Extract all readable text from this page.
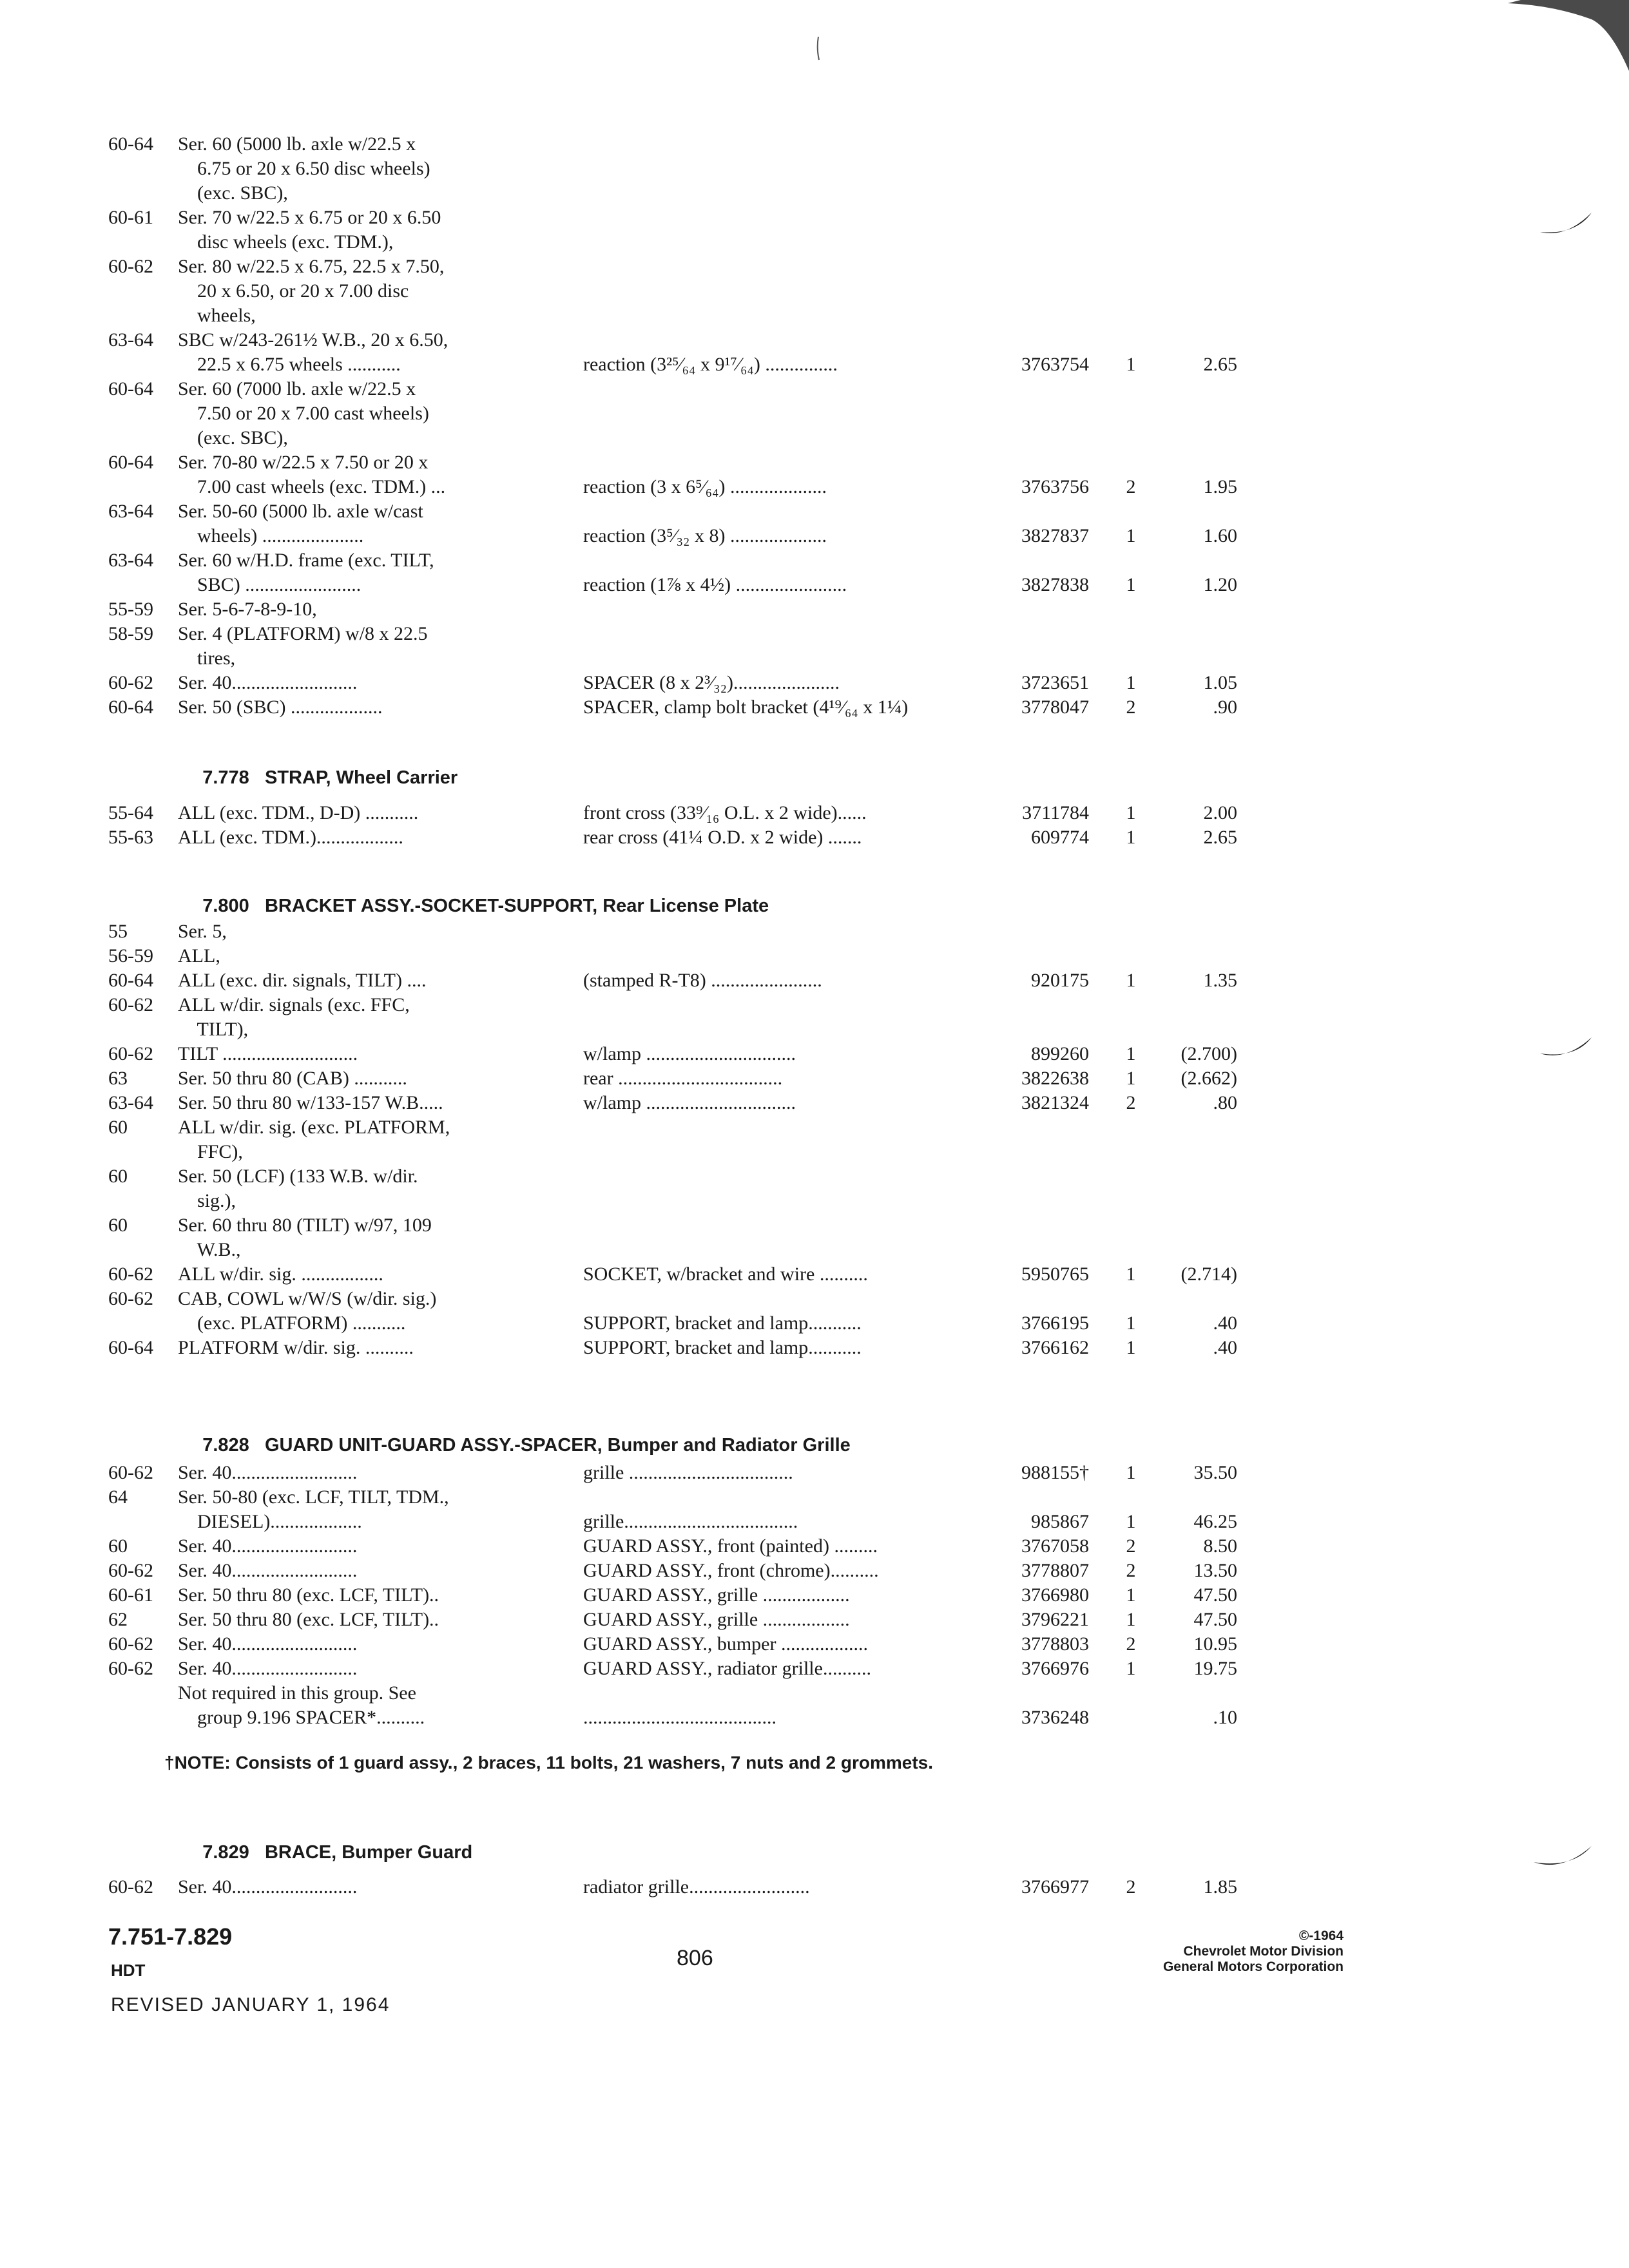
60-64 Ser. 60 (5000 lb. axle w/22.5 x
6.75 or 20 x 6.50 disc wheels)
(exc. SBC),
60-61 Ser. 70 w/22.5 x 6.75 or 20 x 6.50
disc wheels (exc. TDM.),
60-62 Ser. 80 w/22.5 x 6.75, 22.5 x 7.50,
20 x 6.50, or 20 x 7.00 disc
wheels,
63-64 SBC w/243-261½ W.B., 20 x 6.50,
22.5 x 6.75 wheels ...........	reaction (3²⁵⁄₆₄ x 9¹⁷⁄₆₄) ...............	3763754	1	2.65
60-64 Ser. 60 (7000 lb. axle w/22.5 x
7.50 or 20 x 7.00 cast wheels)
(exc. SBC),
60-64 Ser. 70-80 w/22.5 x 7.50 or 20 x
7.00 cast wheels (exc. TDM.) ...	reaction (3 x 6⁵⁄₆₄) ....................	3763756	2	1.95
63-64 Ser. 50-60 (5000 lb. axle w/cast
wheels) .....................	reaction (3⁵⁄₃₂ x 8) ....................	3827837	1	1.60
63-64 Ser. 60 w/H.D. frame (exc. TILT,
SBC) ........................	reaction (1⅞ x 4½) .......................	3827838	1	1.20
55-59 Ser. 5-6-7-8-9-10,
58-59 Ser. 4 (PLATFORM) w/8 x 22.5
tires,
60-62 Ser. 40..........................	SPACER (8 x 2³⁄₃₂)......................	3723651	1	1.05
60-64 Ser. 50 (SBC) ...................	SPACER, clamp bolt bracket (4¹⁹⁄₆₄ x 1¼)	3778047	2	.90

7.778 STRAP, Wheel Carrier

55-64 ALL (exc. TDM., D-D) ...........	front cross (33⁹⁄₁₆ O.L. x 2 wide)......	3711784	1	2.00
55-63 ALL (exc. TDM.)..................	rear cross (41¼ O.D. x 2 wide) .......	609774	1	2.65

7.800 BRACKET ASSY.-SOCKET-SUPPORT, Rear License Plate

55	Ser. 5,
56-59 ALL,
60-64 ALL (exc. dir. signals, TILT) ....	(stamped R-T8) .......................	920175	1	1.35
60-62 ALL w/dir. signals (exc. FFC,
TILT),
60-62 TILT ............................	w/lamp ...............................	899260	1	(2.700)
63	Ser. 50 thru 80 (CAB) ...........	rear ..................................	3822638	1	(2.662)
63-64 Ser. 50 thru 80 w/133-157 W.B.....	w/lamp ...............................	3821324	2	.80
60	ALL w/dir. sig. (exc. PLATFORM,
FFC),
60	Ser. 50 (LCF) (133 W.B. w/dir.
sig.),
60	Ser. 60 thru 80 (TILT) w/97, 109
W.B.,
60-62 ALL w/dir. sig. .................	SOCKET, w/bracket and wire ..........	5950765	1	(2.714)
60-62 CAB, COWL w/W/S (w/dir. sig.)
(exc. PLATFORM) ...........	SUPPORT, bracket and lamp...........	3766195	1	.40
60-64 PLATFORM w/dir. sig. ..........	SUPPORT, bracket and lamp...........	3766162	1	.40

7.828 GUARD UNIT-GUARD ASSY.-SPACER, Bumper and Radiator Grille

60-62 Ser. 40..........................	grille ..................................	988155†	1	35.50
64	Ser. 50-80 (exc. LCF, TILT, TDM.,
DIESEL)...................	grille....................................	985867	1	46.25
60	Ser. 40..........................	GUARD ASSY., front (painted) .........	3767058	2	8.50
60-62 Ser. 40..........................	GUARD ASSY., front (chrome)..........	3778807	2	13.50
60-61 Ser. 50 thru 80 (exc. LCF, TILT)..	GUARD ASSY., grille ..................	3766980	1	47.50
62	Ser. 50 thru 80 (exc. LCF, TILT)..	GUARD ASSY., grille ..................	3796221	1	47.50
60-62 Ser. 40..........................	GUARD ASSY., bumper ..................	3778803	2	10.95
60-62 Ser. 40..........................	GUARD ASSY., radiator grille..........	3766976	1	19.75
Not required in this group. See
group 9.196 SPACER*..........	........................................	3736248	.10
†NOTE: Consists of 1 guard assy., 2 braces, 11 bolts, 21 washers, 7 nuts and 2 grommets.

7.829 BRACE, Bumper Guard

60-62 Ser. 40..........................	radiator grille.........................	3766977	2	1.85
7.751-7.829
HDT	806
REVISED JANUARY 1, 1964
©-1964
Chevrolet Motor Division
General Motors Corporation
